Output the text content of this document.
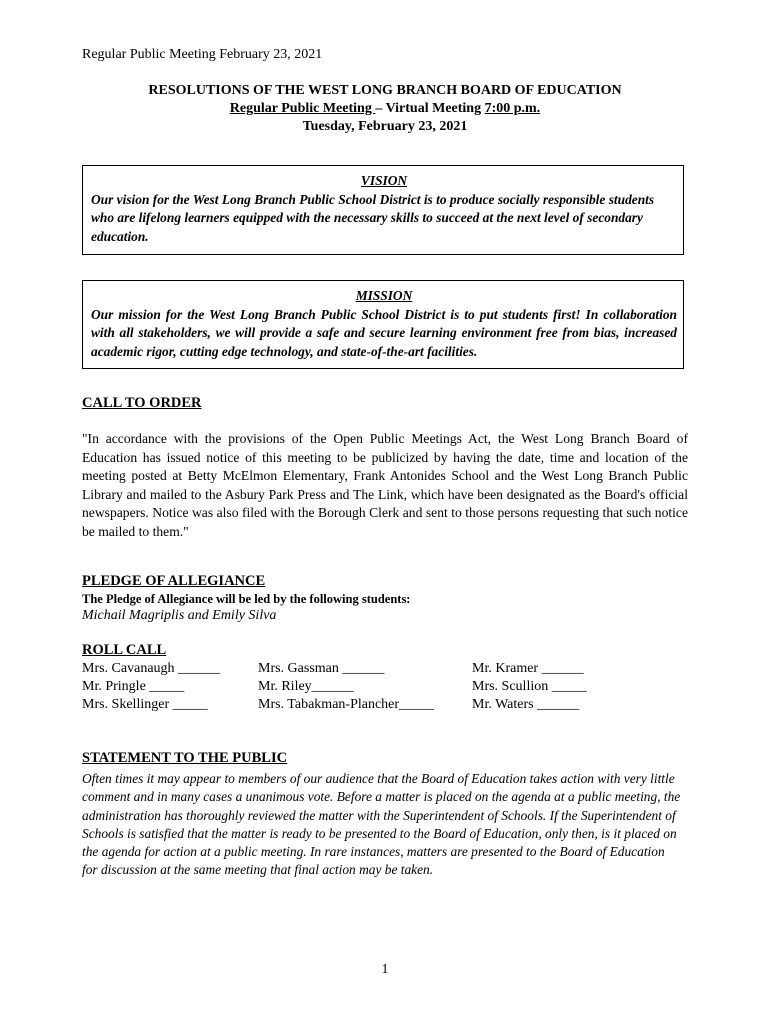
Regular Public Meeting February 23, 2021
RESOLUTIONS OF THE WEST LONG BRANCH BOARD OF EDUCATION
Regular Public Meeting – Virtual Meeting 7:00 p.m.
Tuesday, February 23, 2021
VISION
Our vision for the West Long Branch Public School District is to produce socially responsible students who are lifelong learners equipped with the necessary skills to succeed at the next level of secondary education.
MISSION
Our mission for the West Long Branch Public School District is to put students first! In collaboration with all stakeholders, we will provide a safe and secure learning environment free from bias, increased academic rigor, cutting edge technology, and state-of-the-art facilities.
CALL TO ORDER

"In accordance with the provisions of the Open Public Meetings Act, the West Long Branch Board of Education has issued notice of this meeting to be publicized by having the date, time and location of the meeting posted at Betty McElmon Elementary, Frank Antonides School and the West Long Branch Public Library and mailed to the Asbury Park Press and The Link, which have been designated as the Board's official newspapers. Notice was also filed with the Borough Clerk and sent to those persons requesting that such notice be mailed to them."

PLEDGE OF ALLEGIANCE
The Pledge of Allegiance will be led by the following students:
Michail Magriplis and Emily Silva
ROLL CALL
Mrs. Cavanaugh ______
Mr. Pringle _____
Mrs. Skellinger _____
Mrs. Gassman ______
Mr. Riley______
Mrs. Tabakman-Plancher_____
Mr. Kramer ______
Mrs. Scullion _____
Mr. Waters ______
STATEMENT TO THE PUBLIC

Often times it may appear to members of our audience that the Board of Education takes action with very little comment and in many cases a unanimous vote. Before a matter is placed on the agenda at a public meeting, the administration has thoroughly reviewed the matter with the Superintendent of Schools. If the Superintendent of Schools is satisfied that the matter is ready to be presented to the Board of Education, only then, is it placed on the agenda for action at a public meeting. In rare instances, matters are presented to the Board of Education for discussion at the same meeting that final action may be taken.

1
